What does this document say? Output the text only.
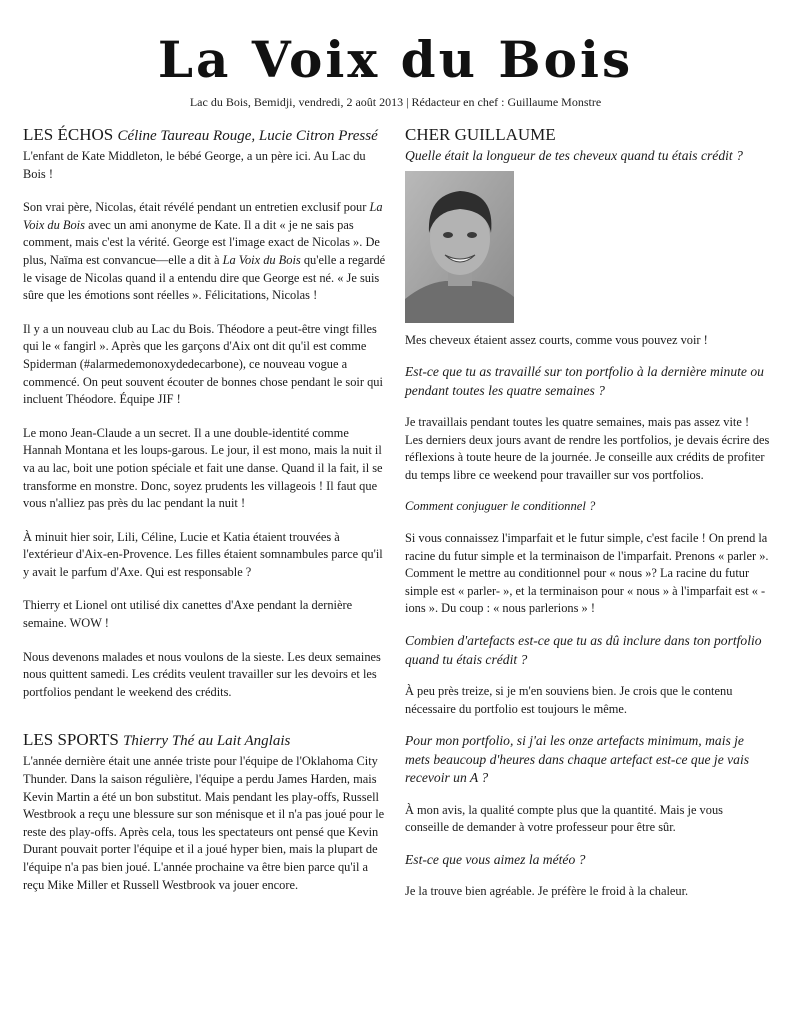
La Voix du Bois
Lac du Bois, Bemidji, vendredi, 2 août 2013 | Rédacteur en chef : Guillaume Monstre
LES ÉCHOS Céline Taureau Rouge, Lucie Citron Pressé

L'enfant de Kate Middleton, le bébé George, a un père ici. Au Lac du Bois !

Son vrai père, Nicolas, était révélé pendant un entretien exclusif pour La Voix du Bois avec un ami anonyme de Kate. Il a dit « je ne sais pas comment, mais c'est la vérité. George est l'image exact de Nicolas ». De plus, Naïma est convancue—elle a dit à La Voix du Bois qu'elle a regardé le visage de Nicolas quand il a entendu dire que George est né. « Je suis sûre que les émotions sont réelles ». Félicitations, Nicolas !

Il y a un nouveau club au Lac du Bois. Théodore a peut-être vingt filles qui le « fangirl ». Après que les garçons d'Aix ont dit qu'il est comme Spiderman (#alarmedemonoxydedecarbone), ce nouveau vogue a commencé. On peut souvent écouter de bonnes chose pendant le soir qui incluent Théodore. Équipe JIF !

Le mono Jean-Claude a un secret. Il a une double-identité comme Hannah Montana et les loups-garous. Le jour, il est mono, mais la nuit il va au lac, boit une potion spéciale et fait une danse. Quand il la fait, il se transforme en monstre. Donc, soyez prudents les villageois ! Il faut que vous n'alliez pas près du lac pendant la nuit !

À minuit hier soir, Lili, Céline, Lucie et Katia étaient trouvées à l'extérieur d'Aix-en-Provence. Les filles étaient somnambules parce qu'il y avait le parfum d'Axe. Qui est responsable ?

Thierry et Lionel ont utilisé dix canettes d'Axe pendant la dernière semaine. WOW !

Nous devenons malades et nous voulons de la sieste. Les deux semaines nous quittent samedi. Les crédits veulent travailler sur les devoirs et les portfolios pendant le weekend des crédits.

LES SPORTS Thierry Thé au Lait Anglais

L'année dernière était une année triste pour l'équipe de l'Oklahoma City Thunder. Dans la saison régulière, l'équipe a perdu James Harden, mais Kevin Martin a été un bon substitut. Mais pendant les play-offs, Russell Westbrook a reçu une blessure sur son ménisque et il n'a pas joué pour le reste des play-offs. Après cela, tous les spectateurs ont pensé que Kevin Durant pouvait porter l'équipe et il a joué hyper bien, mais la plupart de l'équipe n'a pas bien joué. L'année prochaine va être bien parce qu'il a reçu Mike Miller et Russell Westbrook va jouer encore.

CHER GUILLAUME

Quelle était la longueur de tes cheveux quand tu étais crédit ?

Mes cheveux étaient assez courts, comme vous pouvez voir !

Est-ce que tu as travaillé sur ton portfolio à la dernière minute ou pendant toutes les quatre semaines ?

Je travaillais pendant toutes les quatre semaines, mais pas assez vite ! Les derniers deux jours avant de rendre les portfolios, je devais écrire des réflexions à toute heure de la journée. Je conseille aux crédits de profiter du temps libre ce weekend pour travailler sur vos portfolios.

Comment conjuguer le conditionnel ?

Si vous connaissez l'imparfait et le futur simple, c'est facile ! On prend la racine du futur simple et la terminaison de l'imparfait. Prenons « parler ». Comment le mettre au conditionnel pour « nous »? La racine du futur simple est « parler- », et la terminaison pour « nous » à l'imparfait est « -ions ». Du coup : « nous parlerions » !

Combien d'artefacts est-ce que tu as dû inclure dans ton portfolio quand tu étais crédit ?

À peu près treize, si je m'en souviens bien. Je crois que le contenu nécessaire du portfolio est toujours le même.

Pour mon portfolio, si j'ai les onze artefacts minimum, mais je mets beaucoup d'heures dans chaque artefact est-ce que je vais recevoir un A ?

À mon avis, la qualité compte plus que la quantité. Mais je vous conseille de demander à votre professeur pour être sûr.

Est-ce que vous aimez la météo ?

Je la trouve bien agréable. Je préfère le froid à la chaleur.
